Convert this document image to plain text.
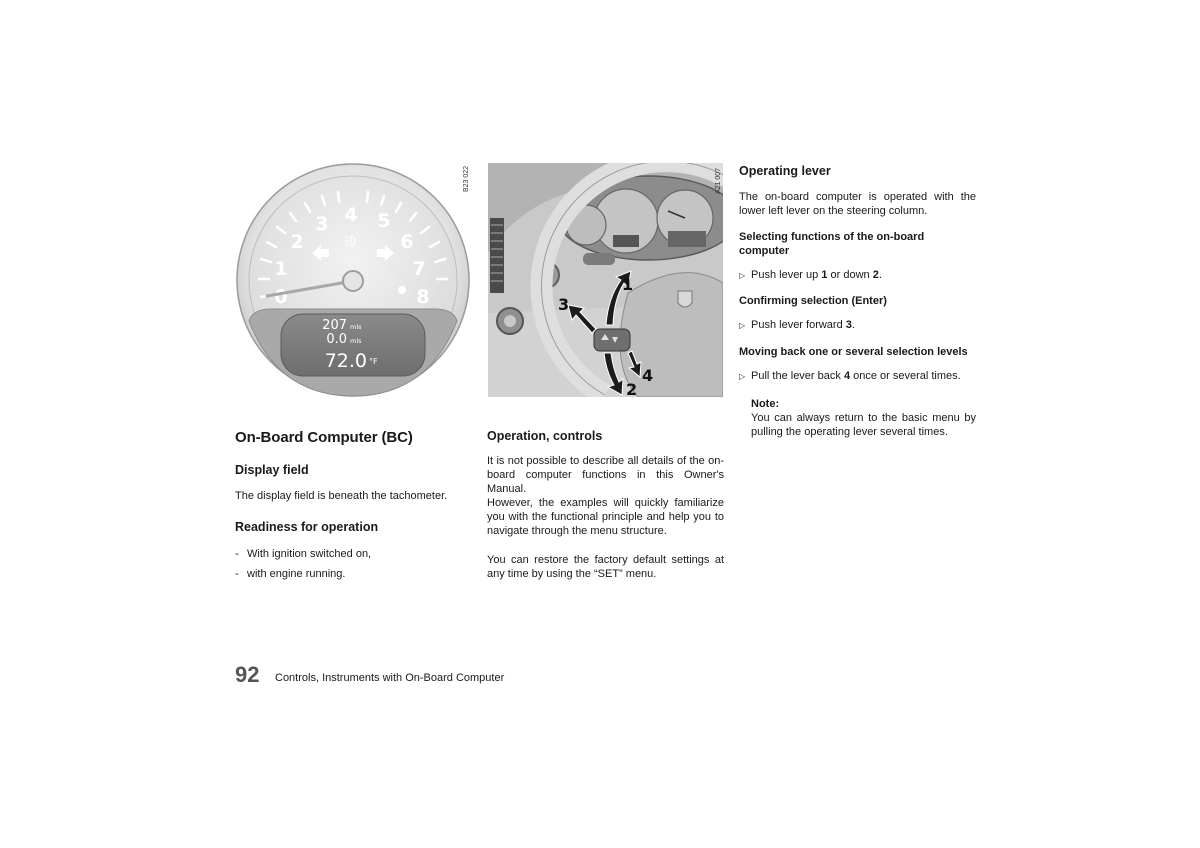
0
1
2
3 4 5
6
7
8
207 mls
0.0 mls
72.0 °F
B23 022
1
2
3
4
A21 007
On-Board Computer (BC)
Display field
The display field is beneath the tachometer.
Readiness for operation
- With ignition switched on,
- with engine running.
Operation, controls
It is not possible to describe all details of the on-board computer functions in this Owner's Manual.
However, the examples will quickly familiarize you with the functional principle and help you to navigate through the menu structure.
You can restore the factory default settings at any time by using the “SET” menu.
Operating lever
The on-board computer is operated with the lower left lever on the steering column.
Selecting functions of the on-board computer
▷ Push lever up 1 or down 2.
Confirming selection (Enter)
▷ Push lever forward 3.
Moving back one or several selection levels
▷ Pull the lever back 4 once or several times.
Note:
You can always return to the basic menu by pulling the operating lever several times.
92 Controls, Instruments with On-Board Computer
